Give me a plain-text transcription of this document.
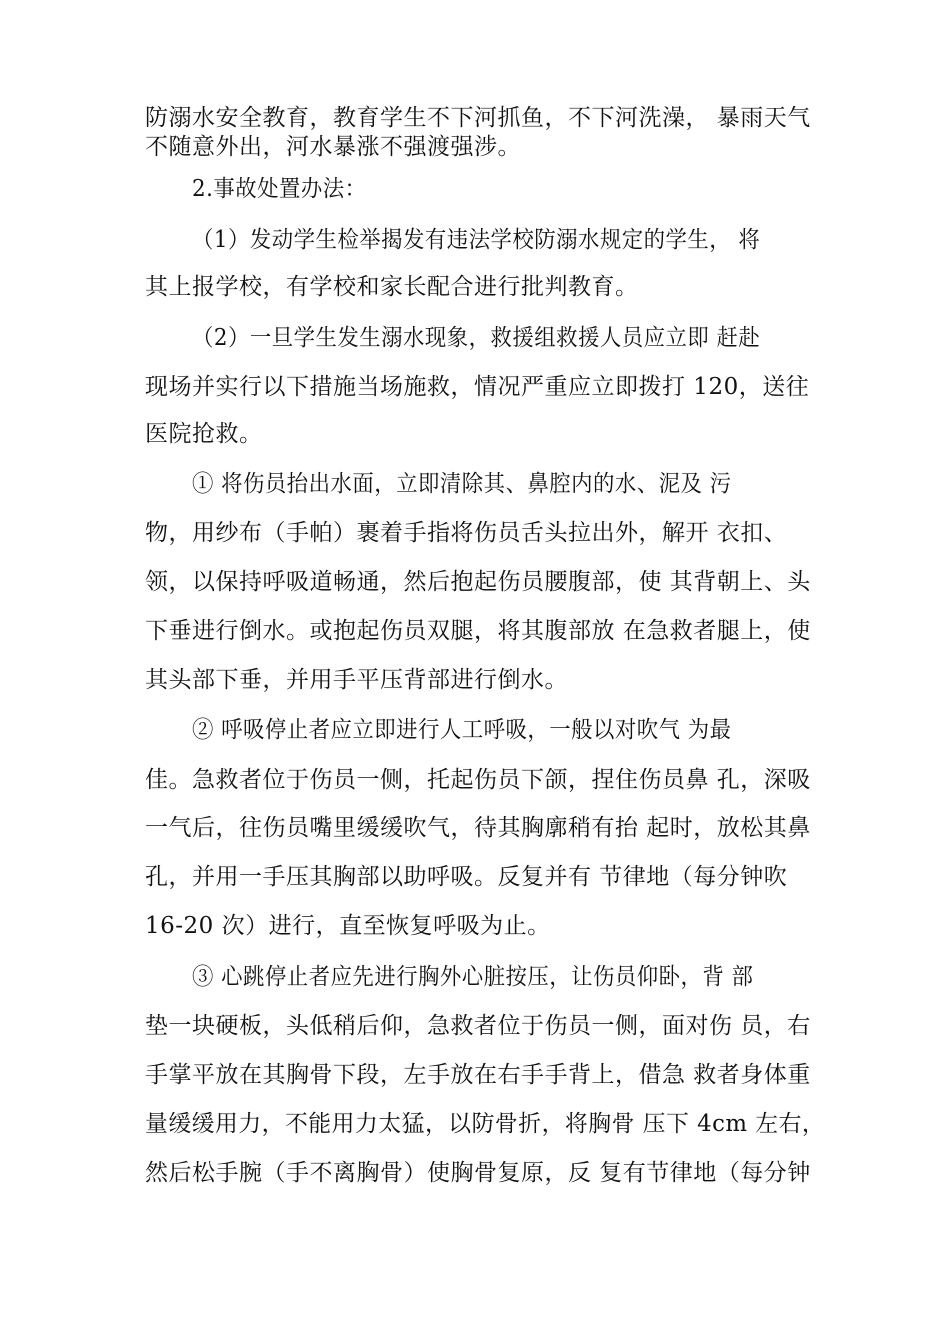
防溺水安全教育，教育学生不下河抓鱼，不下河洗澡， 暴雨天气
不随意外出，河水暴涨不强渡强涉。
2.事故处置办法：
（1）发动学生检举揭发有违法学校防溺水规定的学生， 将
其上报学校，有学校和家长配合进行批判教育。
（2）一旦学生发生溺水现象，救援组救援人员应立即 赶赴
现场并实行以下措施当场施救，情况严重应立即拨打 120，送往
医院抢救。
① 将伤员抬出水面，立即清除其、鼻腔内的水、泥及 污
物，用纱布（手帕）裹着手指将伤员舌头拉出外，解开 衣扣、
领，以保持呼吸道畅通，然后抱起伤员腰腹部，使 其背朝上、头
下垂进行倒水。或抱起伤员双腿，将其腹部放 在急救者腿上，使
其头部下垂，并用手平压背部进行倒水。
② 呼吸停止者应立即进行人工呼吸，一般以对吹气 为最
佳。急救者位于伤员一侧，托起伤员下颌，捏住伤员鼻 孔，深吸
一气后，往伤员嘴里缓缓吹气，待其胸廓稍有抬 起时，放松其鼻
孔，并用一手压其胸部以助呼吸。反复并有 节律地（每分钟吹
16-20 次）进行，直至恢复呼吸为止。
③ 心跳停止者应先进行胸外心脏按压，让伤员仰卧，背 部
垫一块硬板，头低稍后仰，急救者位于伤员一侧，面对伤 员，右
手掌平放在其胸骨下段，左手放在右手手背上，借急 救者身体重
量缓缓用力，不能用力太猛，以防骨折，将胸骨 压下 4cm 左右，
然后松手腕（手不离胸骨）使胸骨复原，反 复有节律地（每分钟
